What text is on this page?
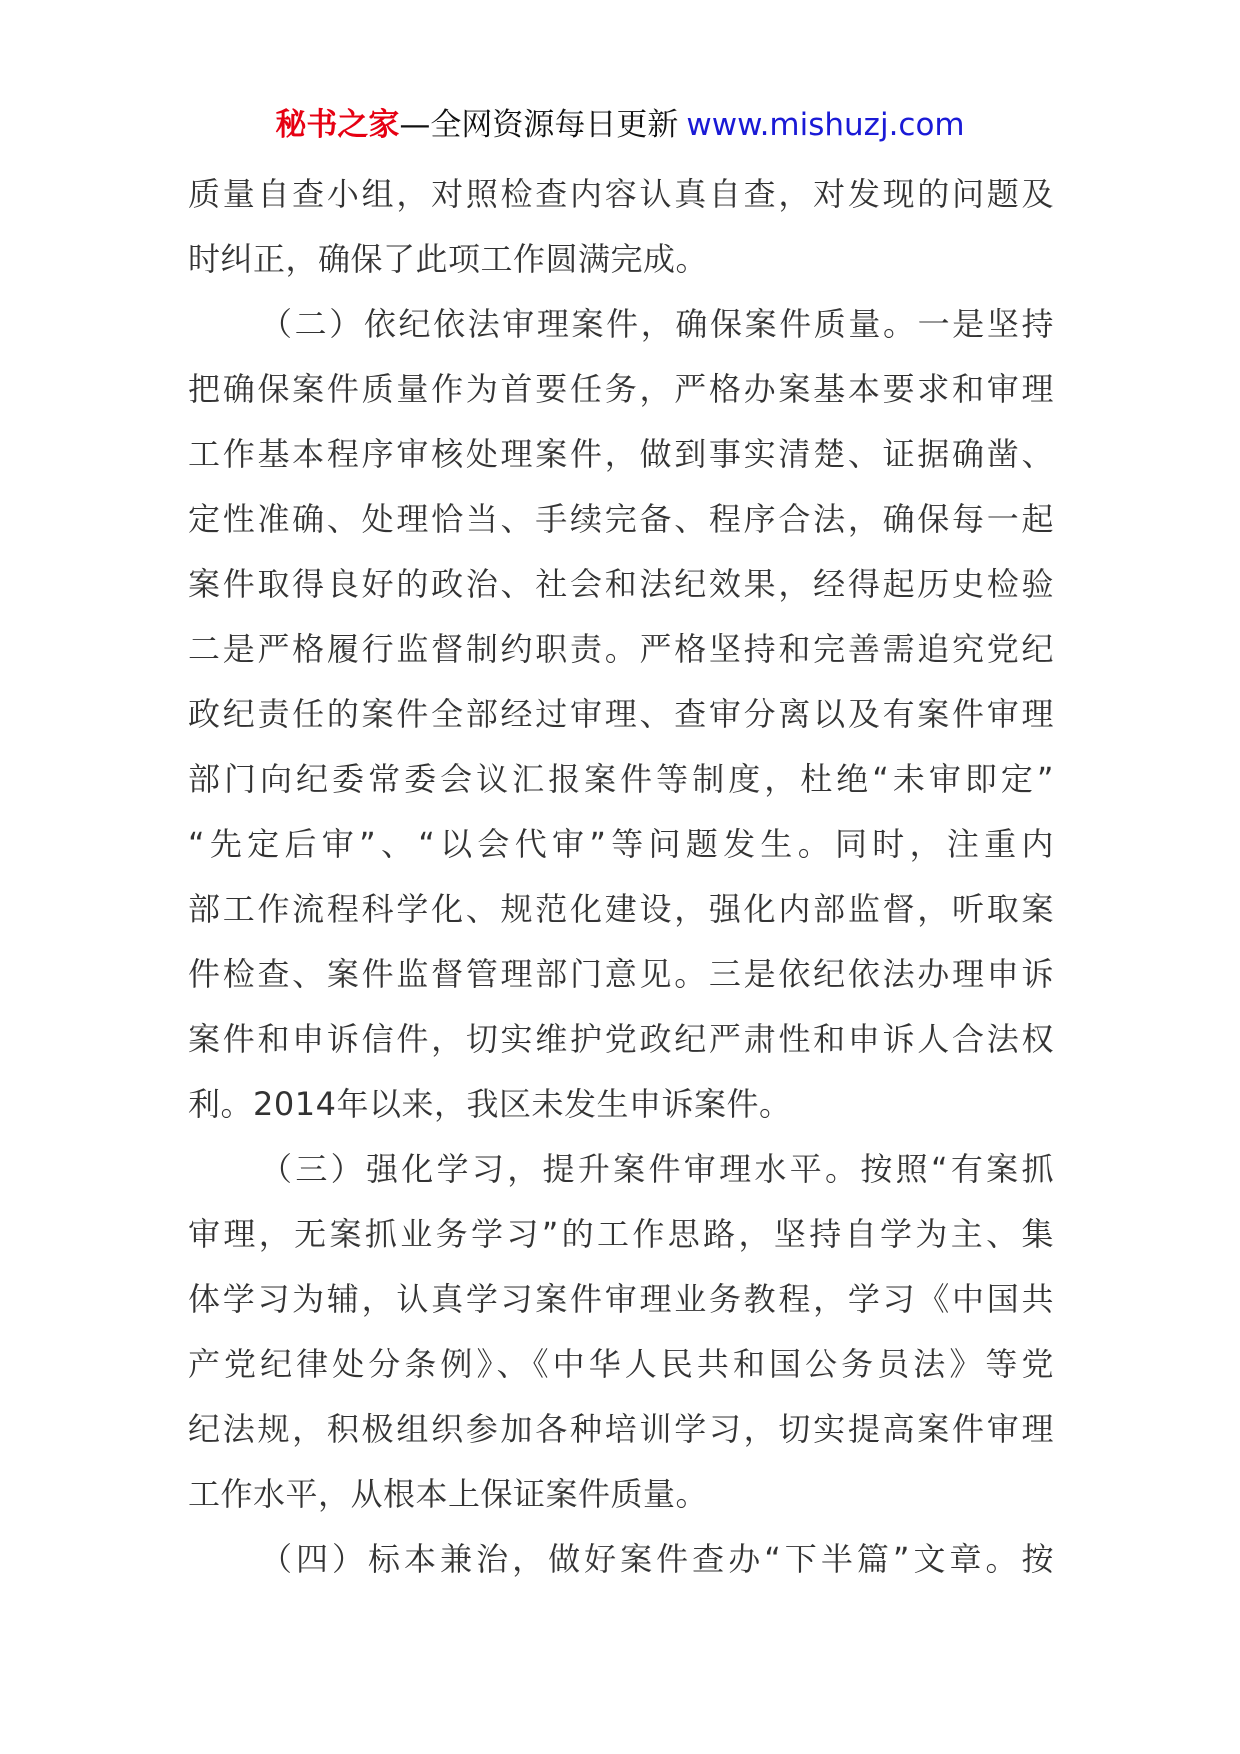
秘书之家—全网资源每日更新 www.mishuzj.com
质量自查小组，对照检查内容认真自查，对发现的问题及
时纠正，确保了此项工作圆满完成。
（二）依纪依法审理案件，确保案件质量。一是坚持
把确保案件质量作为首要任务，严格办案基本要求和审理
工作基本程序审核处理案件，做到事实清楚、证据确凿、
定性准确、处理恰当、手续完备、程序合法，确保每一起
案件取得良好的政治、社会和法纪效果，经得起历史检验
二是严格履行监督制约职责。严格坚持和完善需追究党纪
政纪责任的案件全部经过审理、查审分离以及有案件审理
部门向纪委常委会议汇报案件等制度，杜绝“未审即定”
“先定后审”、“以会代审”等问题发生。同时，注重内
部工作流程科学化、规范化建设，强化内部监督，听取案
件检查、案件监督管理部门意见。三是依纪依法办理申诉
案件和申诉信件，切实维护党政纪严肃性和申诉人合法权
利。2014年以来，我区未发生申诉案件。
（三）强化学习，提升案件审理水平。按照“有案抓
审理，无案抓业务学习”的工作思路，坚持自学为主、集
体学习为辅，认真学习案件审理业务教程，学习《中国共
产党纪律处分条例》、《中华人民共和国公务员法》等党
纪法规，积极组织参加各种培训学习，切实提高案件审理
工作水平，从根本上保证案件质量。
（四）标本兼治，做好案件查办“下半篇”文章。按
